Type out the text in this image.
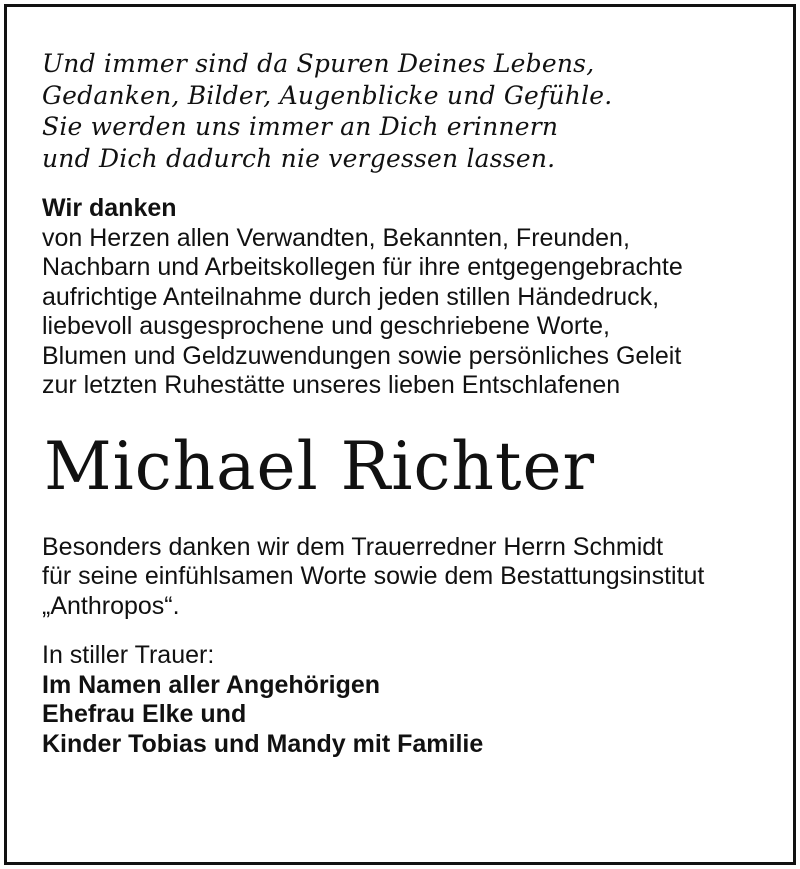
Und immer sind da Spuren Deines Lebens,
Gedanken, Bilder, Augenblicke und Gefühle.
Sie werden uns immer an Dich erinnern
und Dich dadurch nie vergessen lassen.
Wir danken
von Herzen allen Verwandten, Bekannten, Freunden,
Nachbarn und Arbeitskollegen für ihre entgegengebrachte
aufrichtige Anteilnahme durch jeden stillen Händedruck,
liebevoll ausgesprochene und geschriebene Worte,
Blumen und Geldzuwendungen sowie persönliches Geleit
zur letzten Ruhestätte unseres lieben Entschlafenen
Michael Richter
Besonders danken wir dem Trauerredner Herrn Schmidt
für seine einfühlsamen Worte sowie dem Bestattungsinstitut
„Anthropos“.
In stiller Trauer:
Im Namen aller Angehörigen
Ehefrau Elke und
Kinder Tobias und Mandy mit Familie
